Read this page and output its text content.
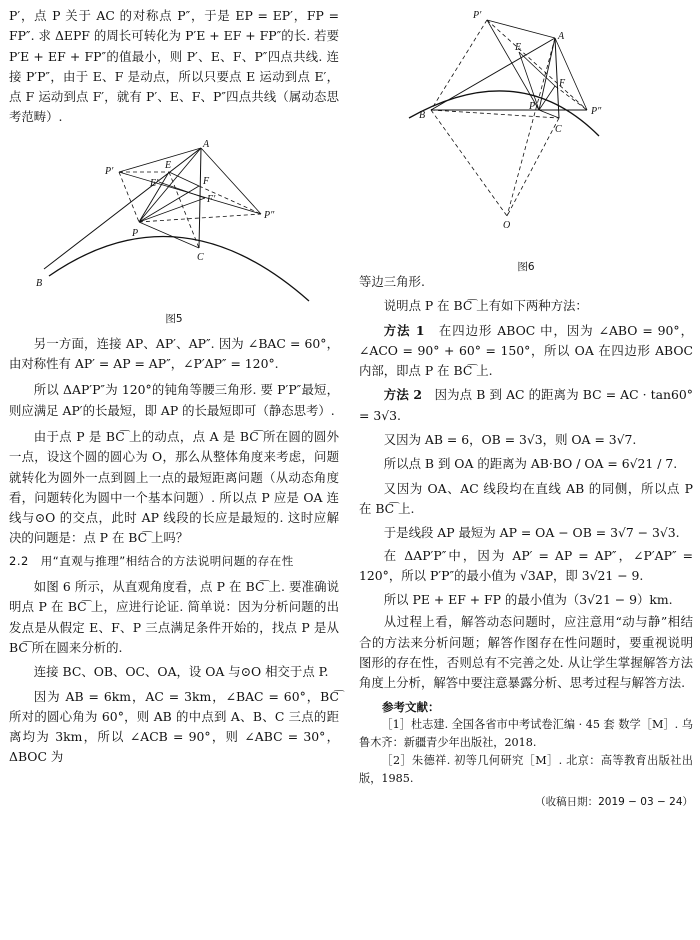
P′，点 P 关于 AC 的对称点 P″，于是 EP = EP′，FP = FP″. 求 ΔEPF 的周长可转化为 P′E + EF + FP″的长. 若要 P′E + EF + FP″的值最小，则 P′、E、F、P″四点共线. 连接 P′P″，由于 E、F 是动点，所以只要点 E 运动到点 E′，点 F 运动到点 F′，就有 P′、E、F、P″四点共线（属动态思考范畴）.

A
B
C
P
P′
P″
E
E′	F
F′
图5

另一方面，连接 AP、AP′、AP″. 因为 ∠BAC = 60°，由对称性有 AP′ = AP = AP″，∠P′AP″ = 120°.

所以 ΔAP′P″为 120°的钝角等腰三角形. 要 P′P″最短，则应满足 AP′的长最短，即 AP 的长最短即可（静态思考）.

由于点 P 是 BC͡ 上的动点，点 A 是 BC͡ 所在圆的圆外一点，设这个圆的圆心为 O，那么从整体角度来考虑，问题就转化为圆外一点到圆上一点的最短距离问题（从动态角度看，问题转化为圆中一个基本问题）. 所以点 P 应是 OA 连线与⊙O 的交点，此时 AP 线段的长应是最短的. 这时应解决的问题是：点 P 在 BC͡ 上吗？

2.2　用“直观与推理”相结合的方法说明问题的存在性

如图 6 所示，从直观角度看，点 P 在 BC͡ 上. 要准确说明点 P 在 BC͡ 上，应进行论证. 简单说：因为分析问题的出发点是从假定 E、F、P 三点满足条件开始的，找点 P 是从 BC͡ 所在圆来分析的.

连接 BC、OB、OC、OA，设 OA 与⊙O 相交于点 P.

因为 AB = 6km，AC = 3km，∠BAC = 60°，BC͡ 所对的圆心角为 60°，则 AB 的中点到 A、B、C 三点的距离均为 3km，所以 ∠ACB = 90°，则 ∠ABC = 30°，ΔBOC 为

A
B
C
P
P′
P″
E
F
O
图6

等边三角形.

说明点 P 在 BC͡ 上有如下两种方法：

方法 1　在四边形 ABOC 中，因为 ∠ABO = 90°，∠ACO = 90° + 60° = 150°，所以 OA 在四边形 ABOC 内部，即点 P 在 BC͡ 上.

方法 2　因为点 B 到 AC 的距离为 BC = AC · tan60° = 3√3.

又因为 AB = 6，OB = 3√3，则 OA = 3√7.

所以点 B 到 OA 的距离为 AB·BO / OA = 6√21 / 7.

又因为 OA、AC 线段均在直线 AB 的同侧，所以点 P 在 BC͡ 上.

于是线段 AP 最短为 AP = OA − OB = 3√7 − 3√3.

在 ΔAP′P″中，因为 AP′ = AP = AP″，∠P′AP″ = 120°，所以 P′P″的最小值为 √3AP，即 3√21 − 9.

所以 PE + EF + FP 的最小值为（3√21 − 9）km.

从过程上看，解答动态问题时，应注意用“动与静”相结合的方法来分析问题；解答作图存在性问题时，要重视说明图形的存在性，否则总有不完善之处. 从让学生掌握解答方法角度上分析，解答中要注意暴露分析、思考过程与解答方法.

参考文献：

［1］杜志建. 全国各省市中考试卷汇编 · 45 套 数学［M］. 乌鲁木齐：新疆青少年出版社，2018.

［2］朱德祥. 初等几何研究［M］. 北京：高等教育出版社出版，1985.

（收稿日期：2019 − 03 − 24）
